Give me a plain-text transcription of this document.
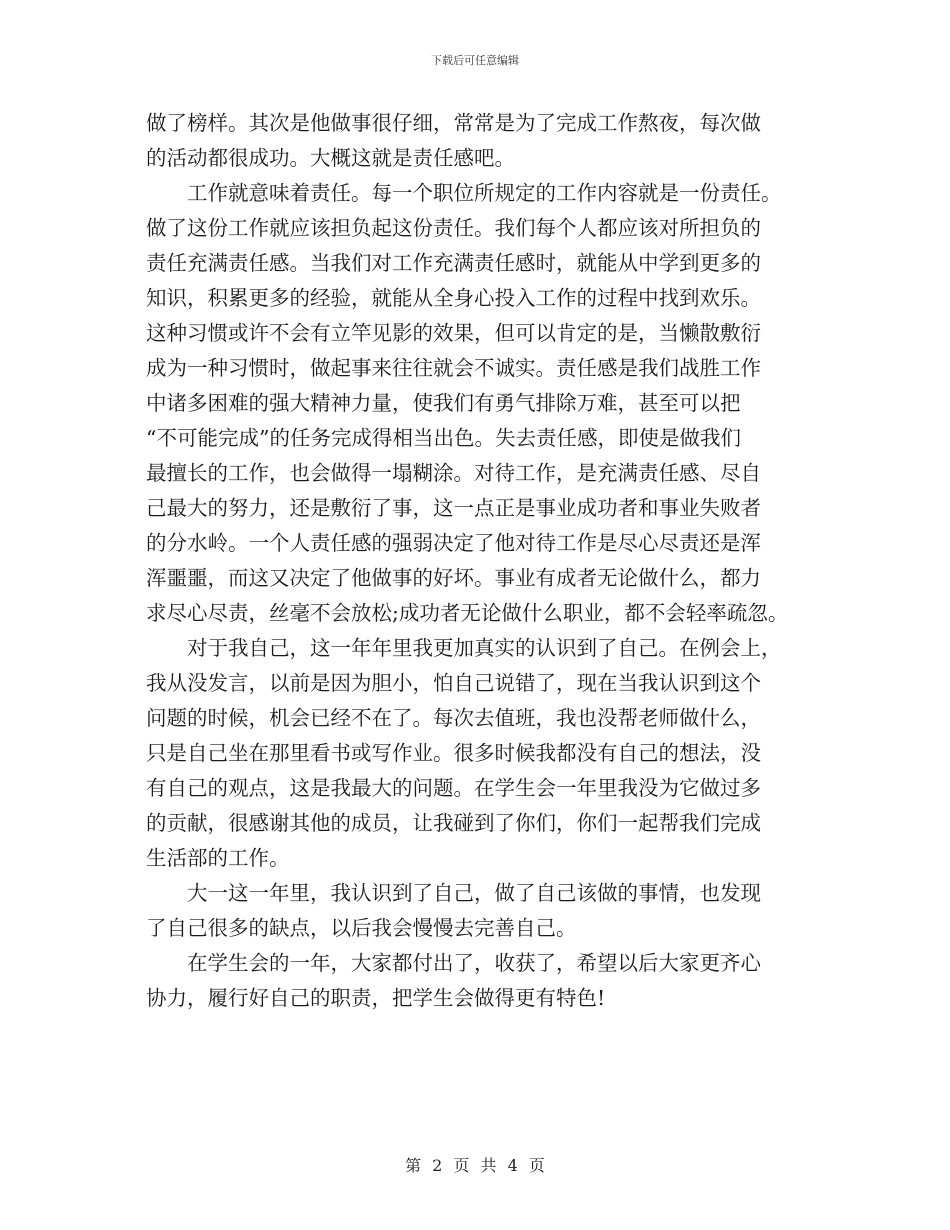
下载后可任意编辑
做了榜样。其次是他做事很仔细，常常是为了完成工作熬夜，每次做
的活动都很成功。大概这就是责任感吧。
工作就意味着责任。每一个职位所规定的工作内容就是一份责任。
做了这份工作就应该担负起这份责任。我们每个人都应该对所担负的
责任充满责任感。当我们对工作充满责任感时，就能从中学到更多的
知识，积累更多的经验，就能从全身心投入工作的过程中找到欢乐。
这种习惯或许不会有立竿见影的效果，但可以肯定的是，当懒散敷衍
成为一种习惯时，做起事来往往就会不诚实。责任感是我们战胜工作
中诸多困难的强大精神力量，使我们有勇气排除万难，甚至可以把
“不可能完成”的任务完成得相当出色。失去责任感，即使是做我们
最擅长的工作，也会做得一塌糊涂。对待工作，是充满责任感、尽自
己最大的努力，还是敷衍了事，这一点正是事业成功者和事业失败者
的分水岭。一个人责任感的强弱决定了他对待工作是尽心尽责还是浑
浑噩噩，而这又决定了他做事的好坏。事业有成者无论做什么，都力
求尽心尽责，丝毫不会放松;成功者无论做什么职业，都不会轻率疏忽。
对于我自己，这一年年里我更加真实的认识到了自己。在例会上，
我从没发言，以前是因为胆小，怕自己说错了，现在当我认识到这个
问题的时候，机会已经不在了。每次去值班，我也没帮老师做什么，
只是自己坐在那里看书或写作业。很多时候我都没有自己的想法，没
有自己的观点，这是我最大的问题。在学生会一年里我没为它做过多
的贡献，很感谢其他的成员，让我碰到了你们，你们一起帮我们完成
生活部的工作。
大一这一年里，我认识到了自己，做了自己该做的事情，也发现
了自己很多的缺点，以后我会慢慢去完善自己。
在学生会的一年，大家都付出了，收获了，希望以后大家更齐心
协力，履行好自己的职责，把学生会做得更有特色!
第 2 页 共 4 页
